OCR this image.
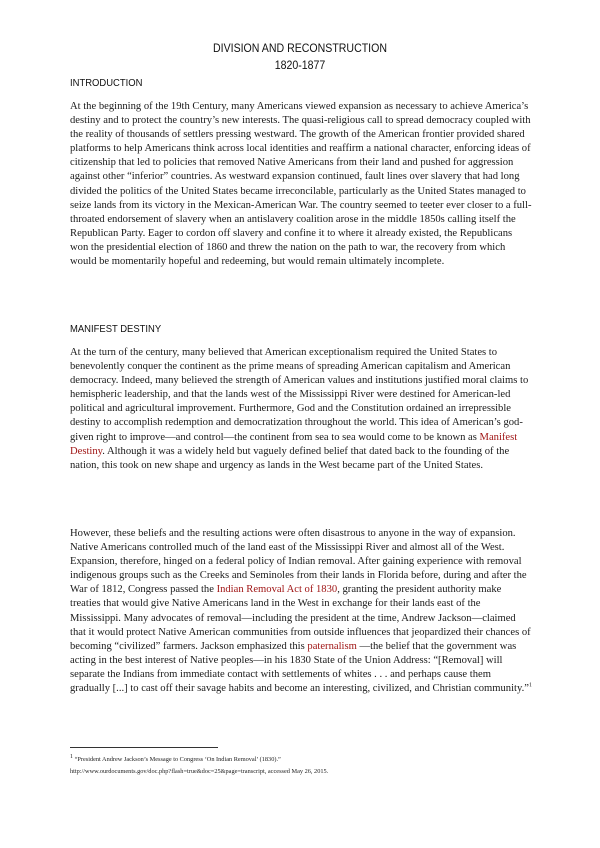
DIVISION AND RECONSTRUCTION
1820-1877
INTRODUCTION

At the beginning of the 19th Century, many Americans viewed expansion as necessary to achieve America’s destiny and to protect the country’s new interests. The quasi-religious call to spread democracy coupled with the reality of thousands of settlers pressing westward. The growth of the American frontier provided shared platforms to help Americans think across local identities and reaffirm a national character, enforcing ideas of citizenship that led to policies that removed Native Americans from their land and pushed for aggression against other “inferior” countries. As westward expansion continued, fault lines over slavery that had long divided the politics of the United States became irreconcilable, particularly as the United States managed to seize lands from its victory in the Mexican-American War. The country seemed to teeter ever closer to a full-throated endorsement of slavery when an antislavery coalition arose in the middle 1850s calling itself the Republican Party. Eager to cordon off slavery and confine it to where it already existed, the Republicans won the presidential election of 1860 and threw the nation on the path to war, the recovery from which would be momentarily hopeful and redeeming, but would remain ultimately incomplete.

MANIFEST DESTINY

At the turn of the century, many believed that American exceptionalism required the United States to benevolently conquer the continent as the prime means of spreading American capitalism and American democracy. Indeed, many believed the strength of American values and institutions justified moral claims to hemispheric leadership, and that the lands west of the Mississippi River were destined for American-led political and agricultural improvement. Furthermore, God and the Constitution ordained an irrepressible destiny to accomplish redemption and democratization throughout the world. This idea of American’s god-given right to improve—and control—the continent from sea to sea would come to be known as Manifest Destiny. Although it was a widely held but vaguely defined belief that dated back to the founding of the nation, this took on new shape and urgency as lands in the West became part of the United States.

However, these beliefs and the resulting actions were often disastrous to anyone in the way of expansion. Native Americans controlled much of the land east of the Mississippi River and almost all of the West. Expansion, therefore, hinged on a federal policy of Indian removal. After gaining experience with removal indigenous groups such as the Creeks and Seminoles from their lands in Florida before, during and after the War of 1812, Congress passed the Indian Removal Act of 1830, granting the president authority make treaties that would give Native Americans land in the West in exchange for their lands east of the Mississippi. Many advocates of removal—including the president at the time, Andrew Jackson—claimed that it would protect Native American communities from outside influences that jeopardized their chances of becoming “civilized” farmers. Jackson emphasized this paternalism —the belief that the government was acting in the best interest of Native peoples—in his 1830 State of the Union Address: “[Removal] will separate the Indians from immediate contact with settlements of whites . . . and perhaps cause them gradually [...] to cast off their savage habits and become an interesting, civilized, and Christian community.”$^1$

$^1$ “President Andrew Jackson’s Message to Congress ‘On Indian Removal’ (1830).”
http://www.ourdocuments.gov/doc.php?flash=true&doc=25&page=transcript, accessed May 26, 2015.
